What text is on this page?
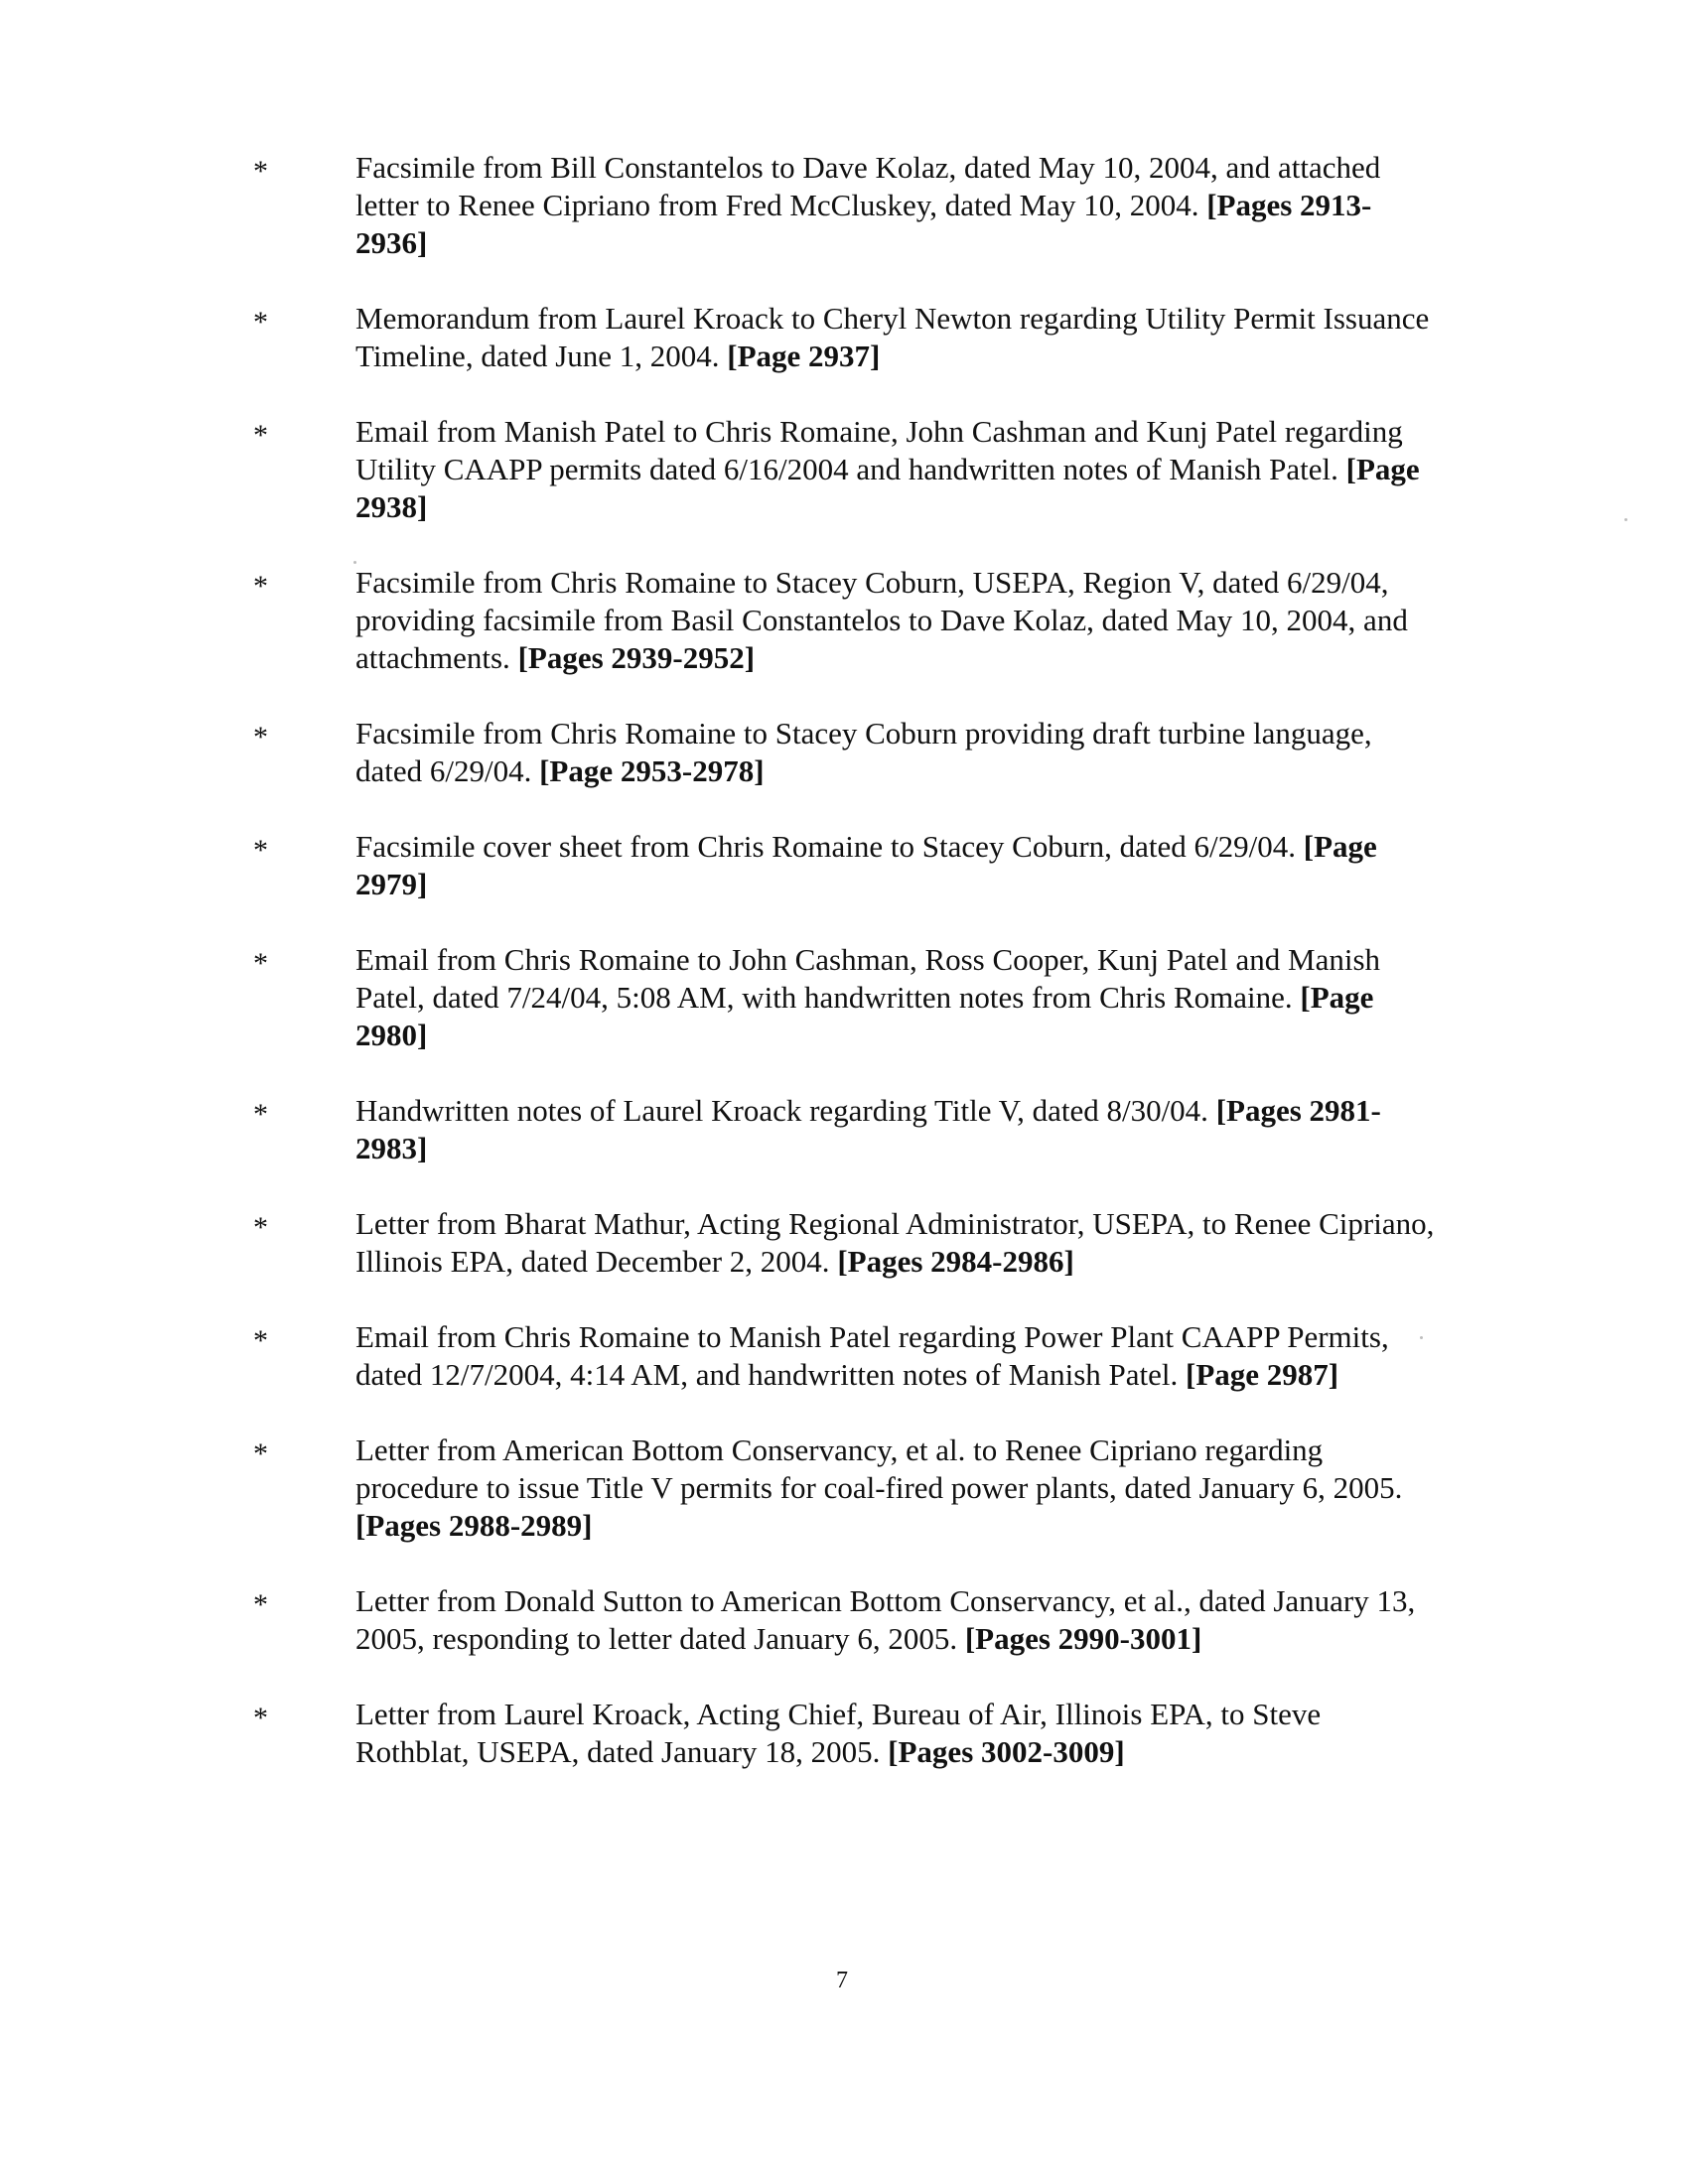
*	Facsimile from Bill Constantelos to Dave Kolaz, dated May 10, 2004, and attached letter to Renee Cipriano from Fred McCluskey, dated May 10, 2004. [Pages 2913-2936]
*	Memorandum from Laurel Kroack to Cheryl Newton regarding Utility Permit Issuance Timeline, dated June 1, 2004. [Page 2937]
*	Email from Manish Patel to Chris Romaine, John Cashman and Kunj Patel regarding Utility CAAPP permits dated 6/16/2004 and handwritten notes of Manish Patel. [Page 2938]
*	Facsimile from Chris Romaine to Stacey Coburn, USEPA, Region V, dated 6/29/04, providing facsimile from Basil Constantelos to Dave Kolaz, dated May 10, 2004, and attachments. [Pages 2939-2952]
*	Facsimile from Chris Romaine to Stacey Coburn providing draft turbine language, dated 6/29/04. [Page 2953-2978]
*	Facsimile cover sheet from Chris Romaine to Stacey Coburn, dated 6/29/04. [Page 2979]
*	Email from Chris Romaine to John Cashman, Ross Cooper, Kunj Patel and Manish Patel, dated 7/24/04, 5:08 AM, with handwritten notes from Chris Romaine. [Page 2980]
*	Handwritten notes of Laurel Kroack regarding Title V, dated 8/30/04. [Pages 2981-2983]
*	Letter from Bharat Mathur, Acting Regional Administrator, USEPA, to Renee Cipriano, Illinois EPA, dated December 2, 2004. [Pages 2984-2986]
*	Email from Chris Romaine to Manish Patel regarding Power Plant CAAPP Permits, dated 12/7/2004, 4:14 AM, and handwritten notes of Manish Patel. [Page 2987]
*	Letter from American Bottom Conservancy, et al. to Renee Cipriano regarding procedure to issue Title V permits for coal-fired power plants, dated January 6, 2005. [Pages 2988-2989]
*	Letter from Donald Sutton to American Bottom Conservancy, et al., dated January 13, 2005, responding to letter dated January 6, 2005. [Pages 2990-3001]
*	Letter from Laurel Kroack, Acting Chief, Bureau of Air, Illinois EPA, to Steve Rothblat, USEPA, dated January 18, 2005. [Pages 3002-3009]
7
